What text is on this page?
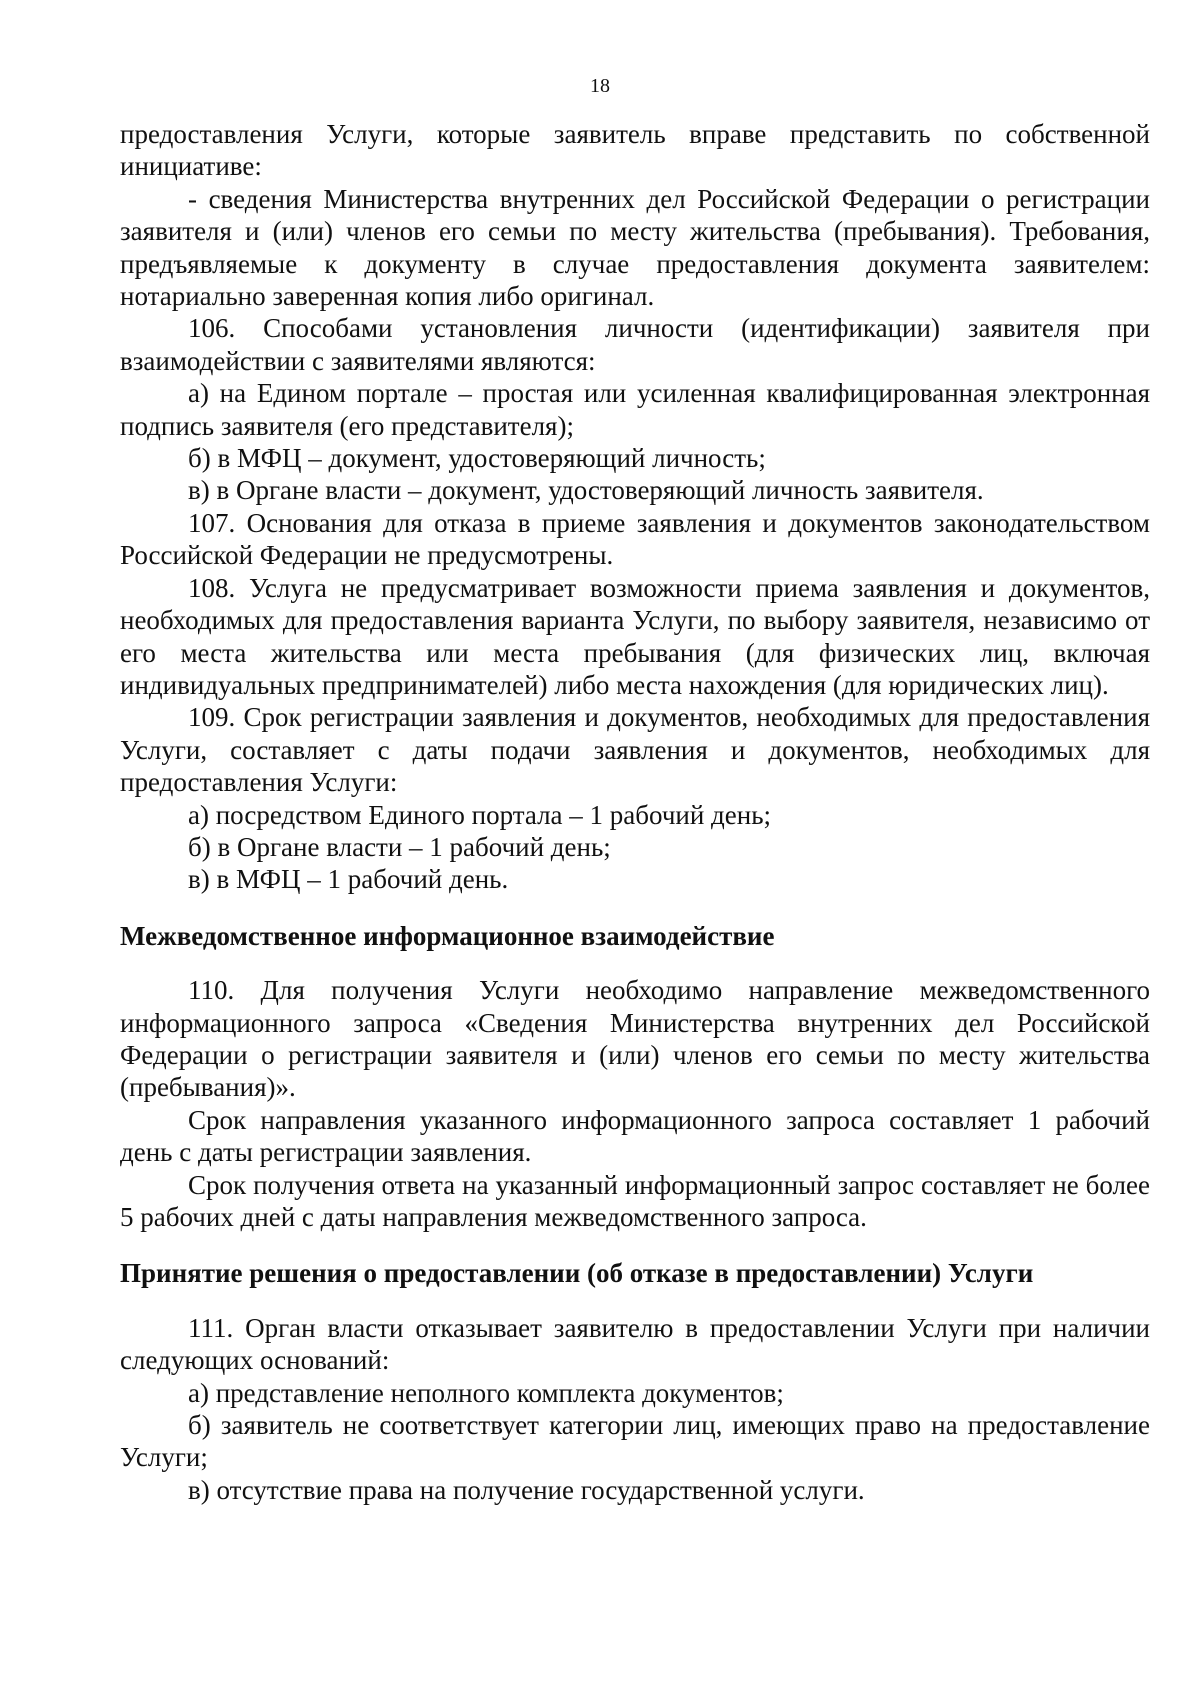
18

предоставления Услуги, которые заявитель вправе представить по собственной инициативе:

- сведения Министерства внутренних дел Российской Федерации о регистрации заявителя и (или) членов его семьи по месту жительства (пребывания). Требования, предъявляемые к документу в случае предоставления документа заявителем: нотариально заверенная копия либо оригинал.

106. Способами установления личности (идентификации) заявителя при взаимодействии с заявителями являются:

а) на Едином портале – простая или усиленная квалифицированная электронная подпись заявителя (его представителя);

б) в МФЦ – документ, удостоверяющий личность;

в) в Органе власти – документ, удостоверяющий личность заявителя.

107. Основания для отказа в приеме заявления и документов законодательством Российской Федерации не предусмотрены.

108. Услуга не предусматривает возможности приема заявления и документов, необходимых для предоставления варианта Услуги, по выбору заявителя, независимо от его места жительства или места пребывания (для физических лиц, включая индивидуальных предпринимателей) либо места нахождения (для юридических лиц).

109. Срок регистрации заявления и документов, необходимых для предоставления Услуги, составляет с даты подачи заявления и документов, необходимых для предоставления Услуги:

а) посредством Единого портала – 1 рабочий день;

б) в Органе власти – 1 рабочий день;

в) в МФЦ – 1 рабочий день.

Межведомственное информационное взаимодействие

110. Для получения Услуги необходимо направление межведомственного информационного запроса «Сведения Министерства внутренних дел Российской Федерации о регистрации заявителя и (или) членов его семьи по месту жительства (пребывания)».

Срок направления указанного информационного запроса составляет 1 рабочий день с даты регистрации заявления.

Срок получения ответа на указанный информационный запрос составляет не более 5 рабочих дней с даты направления межведомственного запроса.

Принятие решения о предоставлении (об отказе в предоставлении) Услуги

111. Орган власти отказывает заявителю в предоставлении Услуги при наличии следующих оснований:

а) представление неполного комплекта документов;

б) заявитель не соответствует категории лиц, имеющих право на предоставление Услуги;

в) отсутствие права на получение государственной услуги.
